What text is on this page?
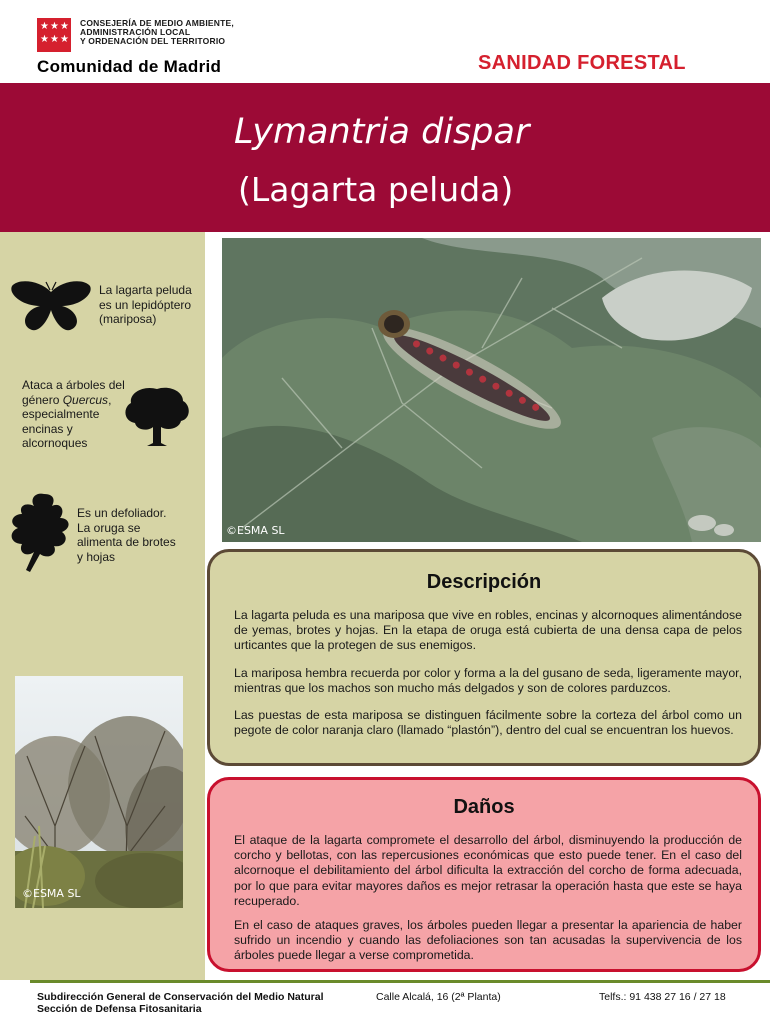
★ ★ ★
★ ★ ★
CONSEJERÍA DE MEDIO AMBIENTE,
ADMINISTRACIÓN LOCAL
Y ORDENACIÓN DEL TERRITORIO
Comunidad de Madrid	SANIDAD FORESTAL
Lymantria dispar
(Lagarta peluda)
La lagarta peluda
es un lepidóptero
(mariposa)
Ataca a árboles del
género Quercus,
especialmente
encinas y
alcornoques
Es un defoliador.
La oruga se
alimenta de brotes
y hojas
©ESMA SL
©ESMA SL
Descripción
La lagarta peluda es una mariposa que vive en robles, encinas y alcornoques alimentándose de yemas, brotes y hojas. En la etapa de oruga está cubierta de una densa capa de pelos urticantes que la protegen de sus enemigos.
La mariposa hembra recuerda por color y forma a la del gusano de seda, ligeramente mayor, mientras que los machos son mucho más delgados y son de colores parduzcos.
Las puestas de esta mariposa se distinguen fácilmente sobre la corteza del árbol como un pegote de color naranja claro (llamado “plastón”), dentro del cual se encuentran los huevos.
Daños
El ataque de la lagarta compromete el desarrollo del árbol, disminuyendo la producción de corcho y bellotas, con las repercusiones económicas que esto puede tener. En el caso del alcornoque el debilitamiento del árbol dificulta la extracción del corcho de forma adecuada, por lo que para evitar mayores daños es mejor retrasar la operación hasta que este se haya recuperado.
En el caso de ataques graves, los árboles pueden llegar a presentar la apariencia de haber sufrido un incendio y cuando las defoliaciones son tan acusadas la supervivencia de los árboles puede llegar a verse comprometida.
Subdirección General de Conservación del Medio Natural
Sección de Defensa Fitosanitaria
Calle Alcalá, 16 (2ª Planta)	Telfs.: 91 438 27 16 / 27 18
